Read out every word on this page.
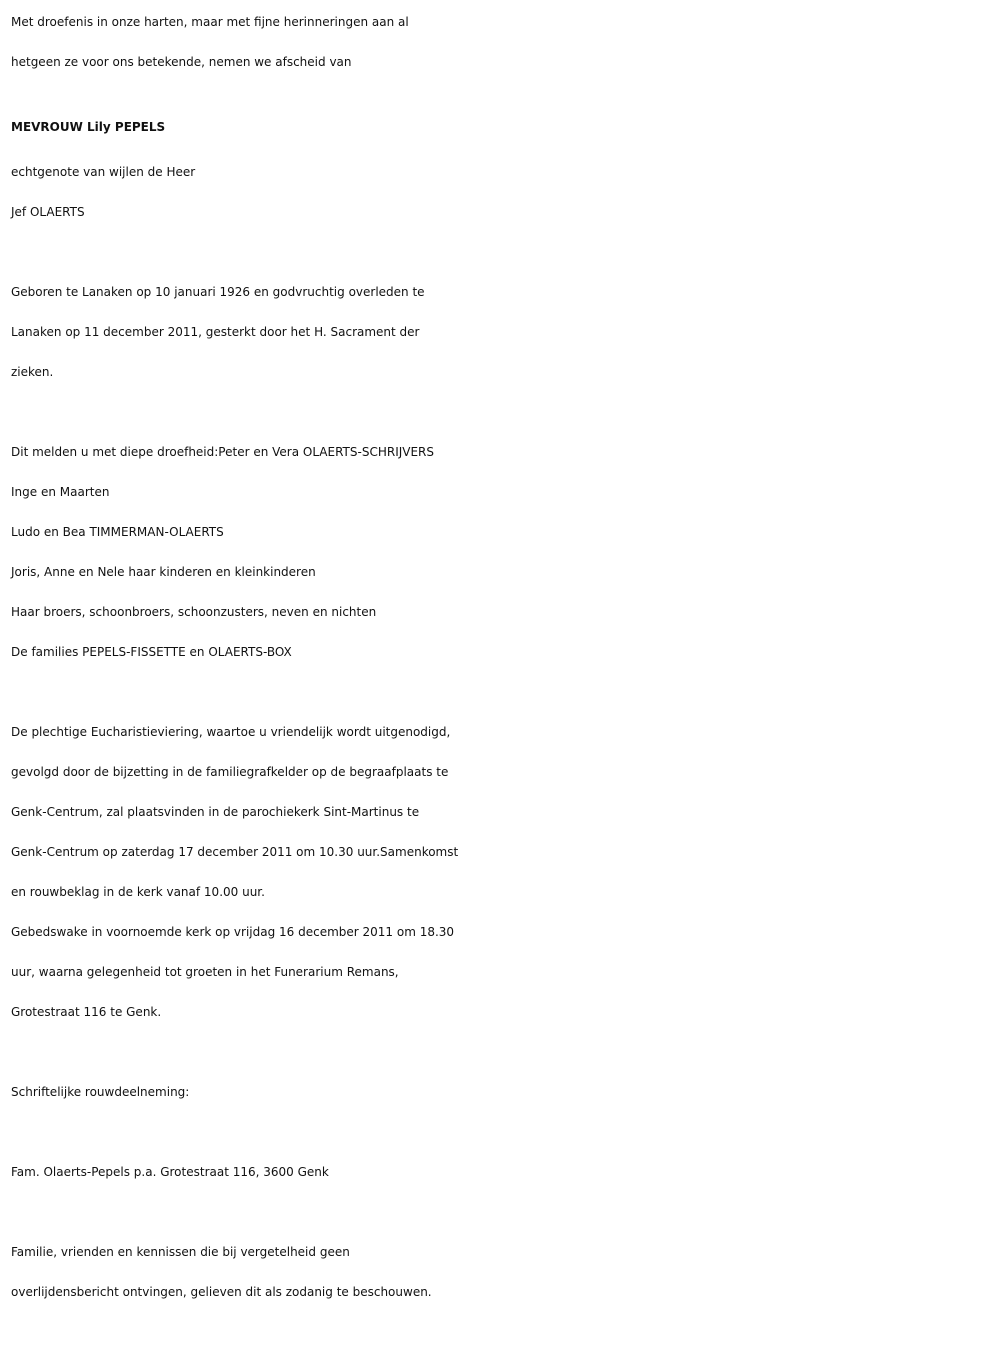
Met droefenis in onze harten, maar met fijne herinneringen aan al
hetgeen ze voor ons betekende, nemen we afscheid van
MEVROUW Lily PEPELS
echtgenote van wijlen de Heer
Jef OLAERTS
Geboren te Lanaken op 10 januari 1926 en godvruchtig overleden te
Lanaken op 11 december 2011, gesterkt door het H. Sacrament der
zieken.
Dit melden u met diepe droefheid:Peter en Vera OLAERTS-SCHRIJVERS
Inge en Maarten
Ludo en Bea TIMMERMAN-OLAERTS
Joris, Anne en Nele haar kinderen en kleinkinderen
Haar broers, schoonbroers, schoonzusters, neven en nichten
De families PEPELS-FISSETTE en OLAERTS-BOX
De plechtige Eucharistieviering, waartoe u vriendelijk wordt uitgenodigd,
gevolgd door de bijzetting in de familiegrafkelder op de begraafplaats te
Genk-Centrum, zal plaatsvinden in de parochiekerk Sint-Martinus te
Genk-Centrum op zaterdag 17 december 2011 om 10.30 uur.Samenkomst
en rouwbeklag in de kerk vanaf 10.00 uur.
Gebedswake in voornoemde kerk op vrijdag 16 december 2011 om 18.30
uur, waarna gelegenheid tot groeten in het Funerarium Remans,
Grotestraat 116 te Genk.
Schriftelijke rouwdeelneming:
Fam. Olaerts-Pepels p.a. Grotestraat 116, 3600 Genk
Familie, vrienden en kennissen die bij vergetelheid geen
overlijdensbericht ontvingen, gelieven dit als zodanig te beschouwen.
